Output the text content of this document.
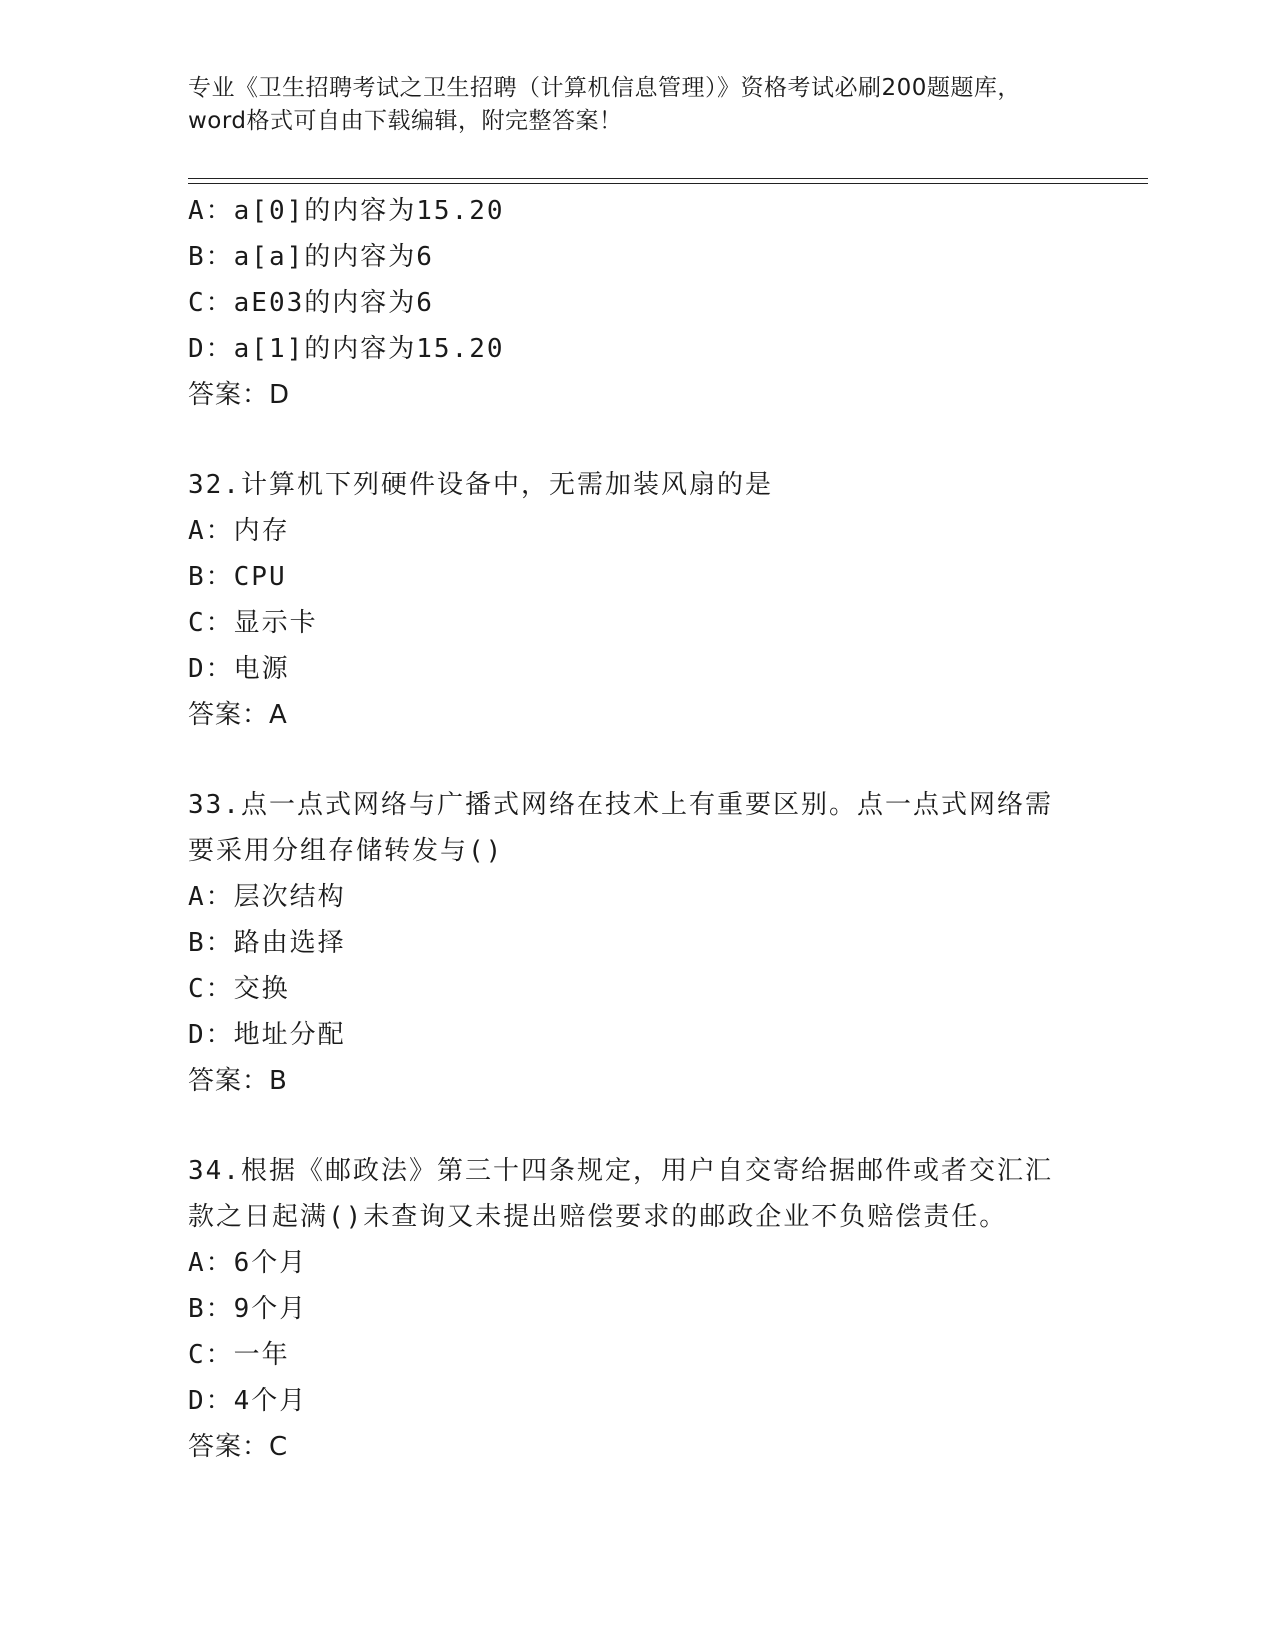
专业《卫生招聘考试之卫生招聘（计算机信息管理）》资格考试必刷200题题库，
word格式可自由下载编辑，附完整答案！
A：a[0]的内容为15.20
B：a[a]的内容为6
C：aE03的内容为6
D：a[1]的内容为15.20
答案：D
32.计算机下列硬件设备中，无需加装风扇的是
A：内存
B：CPU
C：显示卡
D：电源
答案：A
33.点一点式网络与广播式网络在技术上有重要区别。点一点式网络需
要采用分组存储转发与()
A：层次结构
B：路由选择
C：交换
D：地址分配
答案：B
34.根据《邮政法》第三十四条规定，用户自交寄给据邮件或者交汇汇
款之日起满()未查询又未提出赔偿要求的邮政企业不负赔偿责任。
A：6个月
B：9个月
C：一年
D：4个月
答案：C
